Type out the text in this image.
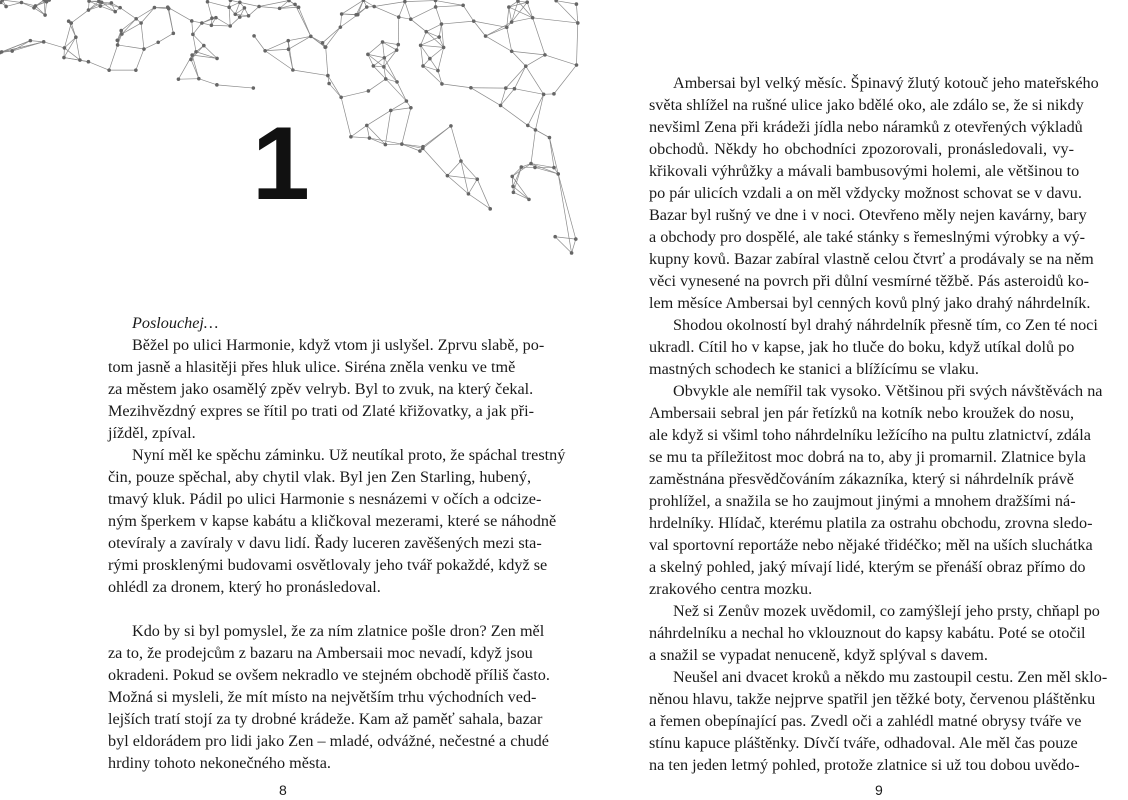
1
Poslouchej…
Běžel po ulici Harmonie, když vtom ji uslyšel. Zprvu slabě, po-
tom jasně a hlasitěji přes hluk ulice. Siréna zněla venku ve tmě
za městem jako osamělý zpěv velryb. Byl to zvuk, na který čekal.
Mezihvězdný expres se řítil po trati od Zlaté křižovatky, a jak při-
jížděl, zpíval.
Nyní měl ke spěchu záminku. Už neutíkal proto, že spáchal trestný
čin, pouze spěchal, aby chytil vlak. Byl jen Zen Starling, hubený,
tmavý kluk. Pádil po ulici Harmonie s nesnázemi v očích a odcize-
ným šperkem v kapse kabátu a kličkoval mezerami, které se náhodně
otevíraly a zavíraly v davu lidí. Řady luceren zavěšených mezi sta-
rými prosklenými budovami osvětlovaly jeho tvář pokaždé, když se
ohlédl za dronem, který ho pronásledoval.
Kdo by si byl pomyslel, že za ním zlatnice pošle dron? Zen měl
za to, že prodejcům z bazaru na Ambersaii moc nevadí, když jsou
okradeni. Pokud se ovšem nekradlo ve stejném obchodě příliš často.
Možná si mysleli, že mít místo na největším trhu východních ved-
lejších tratí stojí za ty drobné krádeže. Kam až paměť sahala, bazar
byl eldorádem pro lidi jako Zen – mladé, odvážné, nečestné a chudé
hrdiny tohoto nekonečného města.
Ambersai byl velký měsíc. Špinavý žlutý kotouč jeho mateřského
světa shlížel na rušné ulice jako bdělé oko, ale zdálo se, že si nikdy
nevšiml Zena při krádeži jídla nebo náramků z otevřených výkladů
obchodů. Někdy ho obchodníci zpozorovali, pronásledovali, vy-
křikovali výhrůžky a mávali bambusovými holemi, ale většinou to
po pár ulicích vzdali a on měl vždycky možnost schovat se v davu.
Bazar byl rušný ve dne i v noci. Otevřeno měly nejen kavárny, bary
a obchody pro dospělé, ale také stánky s řemeslnými výrobky a vý-
kupny kovů. Bazar zabíral vlastně celou čtvrť a prodávaly se na něm
věci vynesené na povrch při důlní vesmírné těžbě. Pás asteroidů ko-
lem měsíce Ambersai byl cenných kovů plný jako drahý náhrdelník.
Shodou okolností byl drahý náhrdelník přesně tím, co Zen té noci
ukradl. Cítil ho v kapse, jak ho tluče do boku, když utíkal dolů po
mastných schodech ke stanici a blížícímu se vlaku.
Obvykle ale nemířil tak vysoko. Většinou při svých návštěvách na
Ambersaii sebral jen pár řetízků na kotník nebo kroužek do nosu,
ale když si všiml toho náhrdelníku ležícího na pultu zlatnictví, zdála
se mu ta příležitost moc dobrá na to, aby ji promarnil. Zlatnice byla
zaměstnána přesvědčováním zákazníka, který si náhrdelník právě
prohlížel, a snažila se ho zaujmout jinými a mnohem dražšími ná-
hrdelníky. Hlídač, kterému platila za ostrahu obchodu, zrovna sledo-
val sportovní reportáže nebo nějaké třidéčko; měl na uších sluchátka
a skelný pohled, jaký mívají lidé, kterým se přenáší obraz přímo do
zrakového centra mozku.
Než si Zenův mozek uvědomil, co zamýšlejí jeho prsty, chňapl po
náhrdelníku a nechal ho vklouznout do kapsy kabátu. Poté se otočil
a snažil se vypadat nenuceně, když splýval s davem.
Neušel ani dvacet kroků a někdo mu zastoupil cestu. Zen měl sklo-
něnou hlavu, takže nejprve spatřil jen těžké boty, červenou pláštěnku
a řemen obepínající pas. Zvedl oči a zahlédl matné obrysy tváře ve
stínu kapuce pláštěnky. Dívčí tváře, odhadoval. Ale měl čas pouze
na ten jeden letmý pohled, protože zlatnice si už tou dobou uvědo-
8	9
